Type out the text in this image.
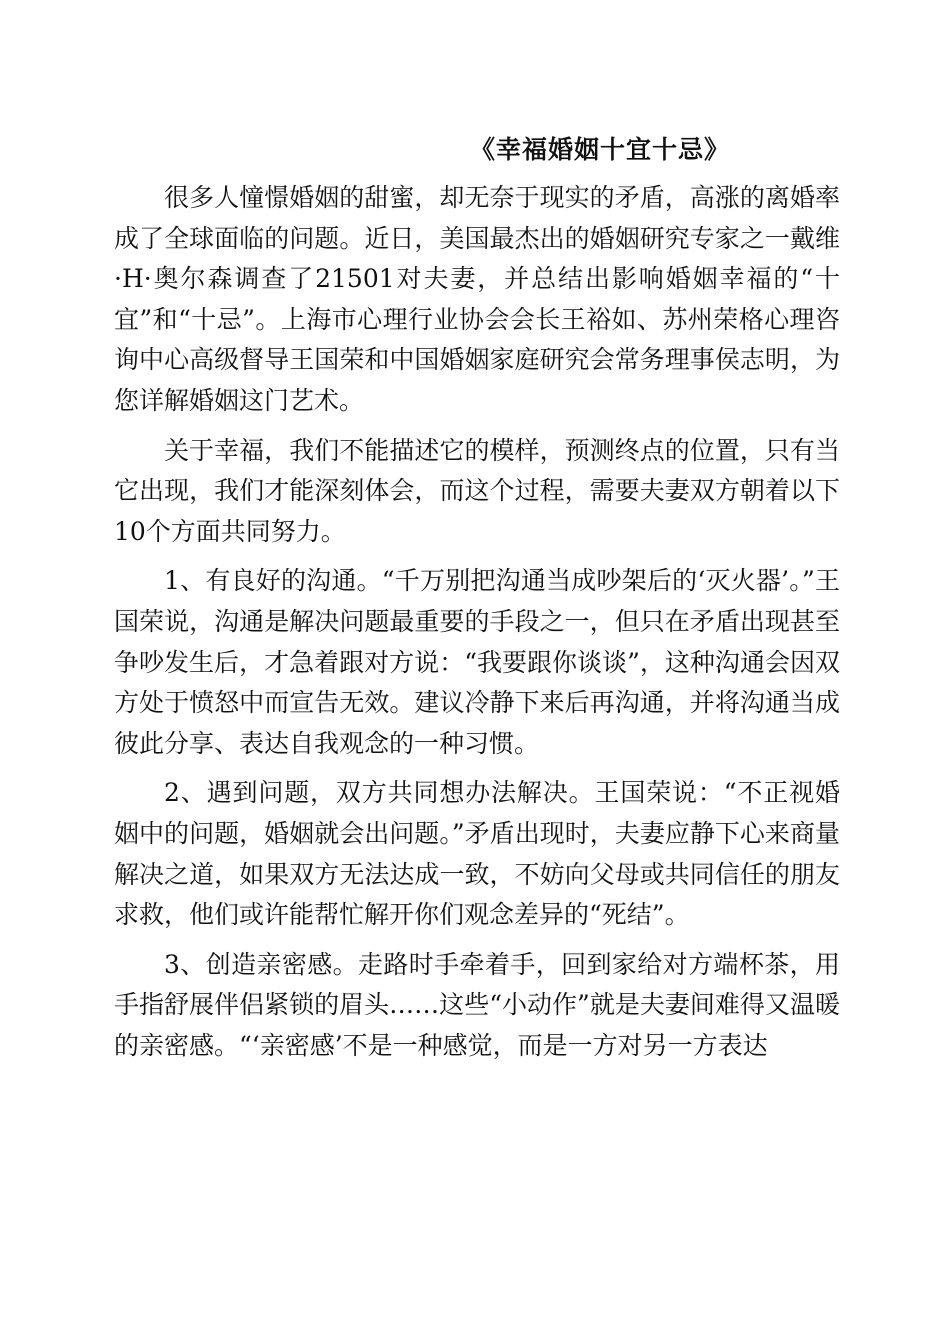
《幸福婚姻十宜十忌》

很多人憧憬婚姻的甜蜜，却无奈于现实的矛盾，高涨的离婚率成了全球面临的问题。近日，美国最杰出的婚姻研究专家之一戴维·H·奥尔森调查了21501对夫妻，并总结出影响婚姻幸福的“十宜”和“十忌”。上海市心理行业协会会长王裕如、苏州荣格心理咨询中心高级督导王国荣和中国婚姻家庭研究会常务理事侯志明，为您详解婚姻这门艺术。

关于幸福，我们不能描述它的模样，预测终点的位置，只有当它出现，我们才能深刻体会，而这个过程，需要夫妻双方朝着以下10个方面共同努力。

1、有良好的沟通。“千万别把沟通当成吵架后的‘灭火器’。”王国荣说，沟通是解决问题最重要的手段之一，但只在矛盾出现甚至争吵发生后，才急着跟对方说：“我要跟你谈谈”，这种沟通会因双方处于愤怒中而宣告无效。建议冷静下来后再沟通，并将沟通当成彼此分享、表达自我观念的一种习惯。

2、遇到问题，双方共同想办法解决。王国荣说：“不正视婚姻中的问题，婚姻就会出问题。”矛盾出现时，夫妻应静下心来商量解决之道，如果双方无法达成一致，不妨向父母或共同信任的朋友求救，他们或许能帮忙解开你们观念差异的“死结”。

3、创造亲密感。走路时手牵着手，回到家给对方端杯茶，用手指舒展伴侣紧锁的眉头……这些“小动作”就是夫妻间难得又温暖的亲密感。“‘亲密感’不是一种感觉，而是一方对另一方表达
